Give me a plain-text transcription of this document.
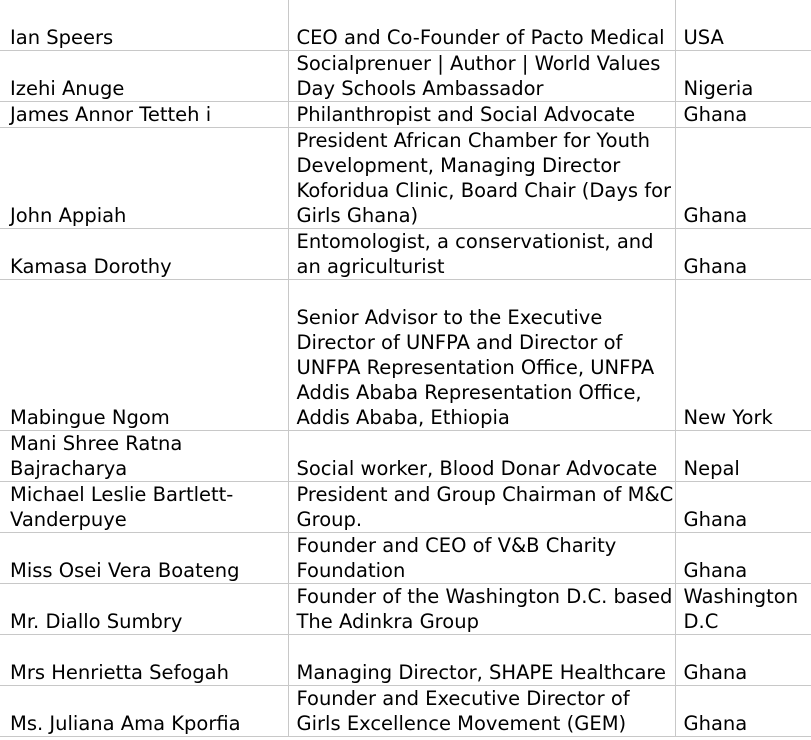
Ian Speers	CEO and Co-Founder of Pacto Medical	USA
Izehi Anuge	Socialprenuer | Author | World Values Day Schools Ambassador	Nigeria
James Annor Tetteh i	Philanthropist and Social Advocate	Ghana
John Appiah	President African Chamber for Youth Development, Managing Director Koforidua Clinic, Board Chair (Days for Girls Ghana)	Ghana
Kamasa Dorothy	Entomologist, a conservationist, and an agriculturist	Ghana
Mabingue Ngom	Senior Advisor to the Executive Director of UNFPA and Director of UNFPA Representation Office, UNFPA Addis Ababa Representation Office, Addis Ababa, Ethiopia	New York
Mani Shree Ratna Bajracharya	Social worker, Blood Donar Advocate	Nepal
Michael Leslie Bartlett-Vanderpuye	President and Group Chairman of M&C Group.	Ghana
Miss Osei Vera Boateng	Founder and CEO of V&B Charity Foundation	Ghana
Mr. Diallo Sumbry	Founder of the Washington D.C. based The Adinkra Group	Washington D.C
Mrs Henrietta Sefogah	Managing Director, SHAPE Healthcare	Ghana
Ms. Juliana Ama Kporfia	Founder and Executive Director of Girls Excellence Movement (GEM)	Ghana
